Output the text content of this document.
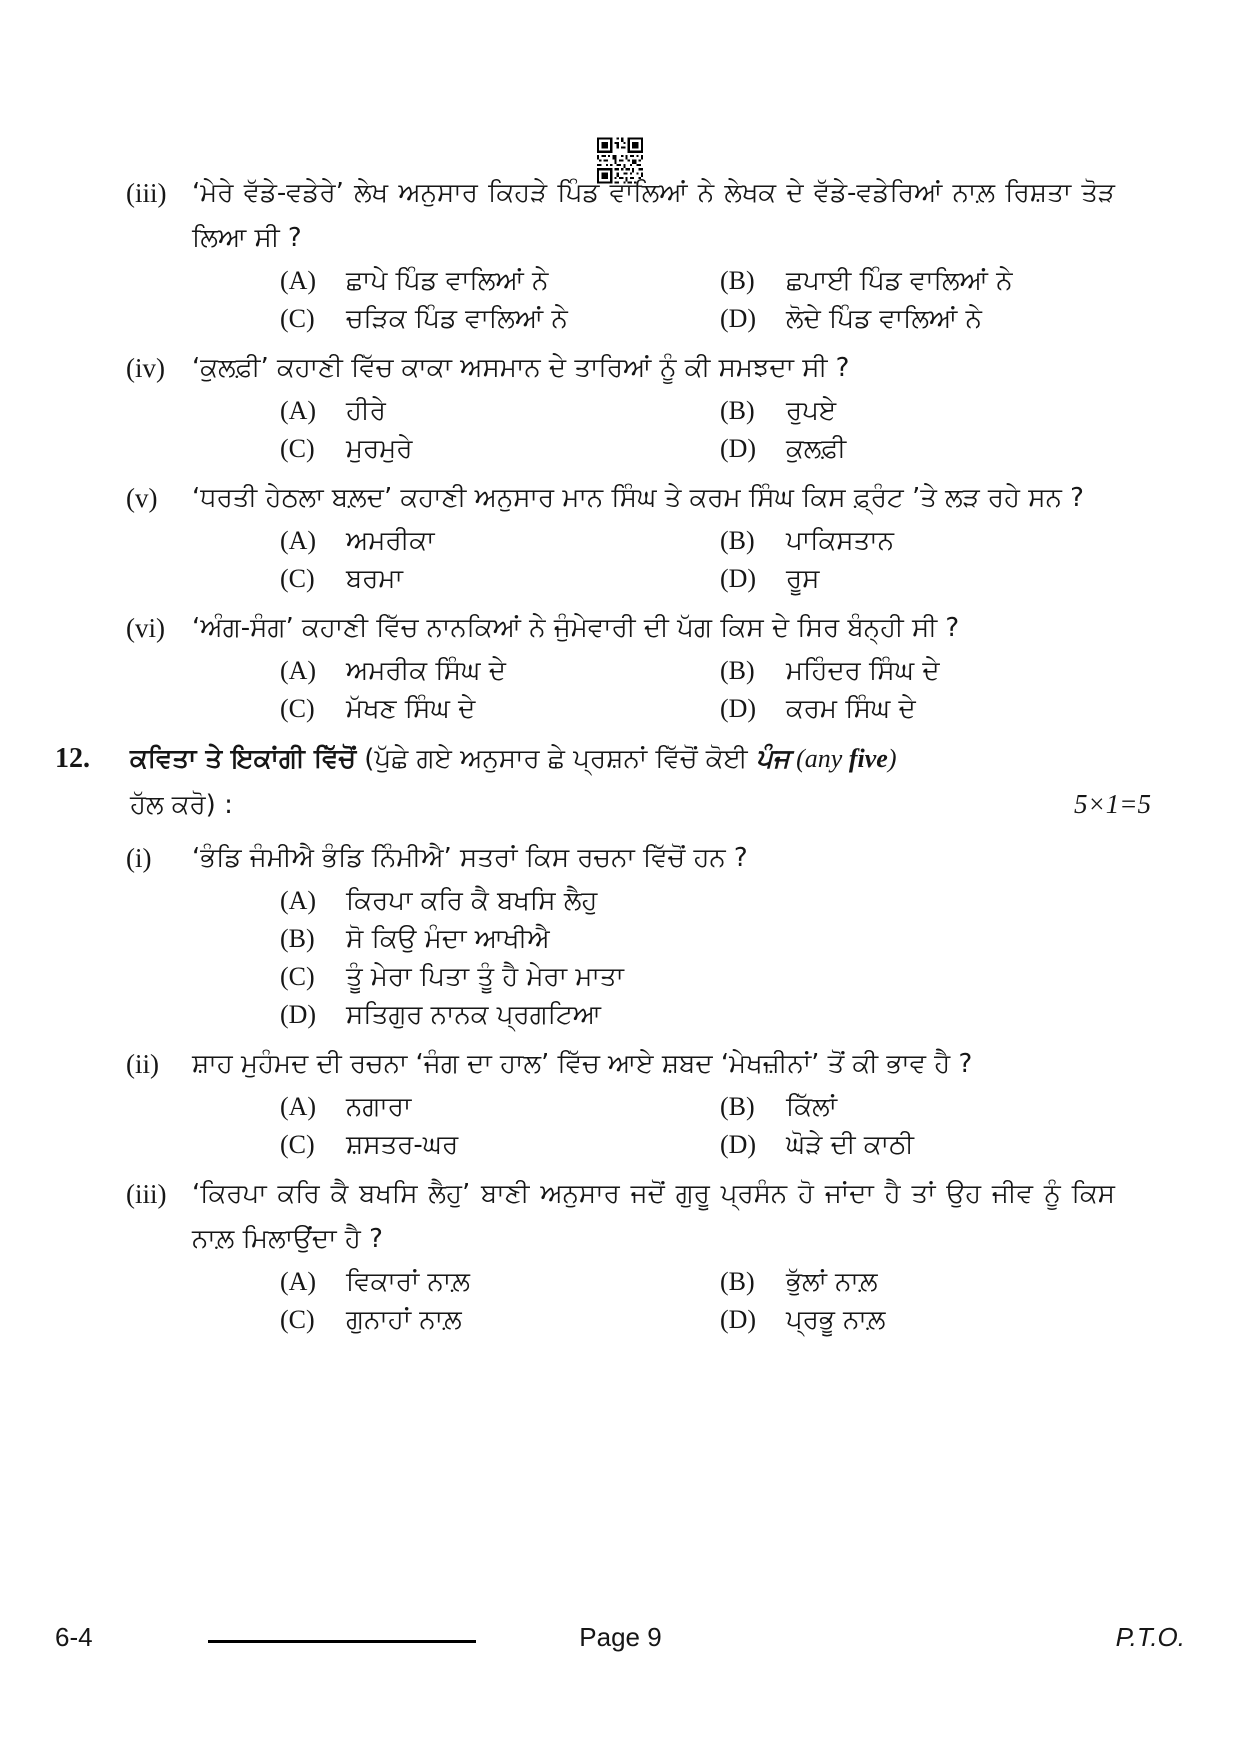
(iii) ‘ਮੇਰੇ ਵੱਡੇ-ਵਡੇਰੇ’ ਲੇਖ ਅਨੁਸਾਰ ਕਿਹੜੇ ਪਿੰਡ ਵਾਲਿਆਂ ਨੇ ਲੇਖਕ ਦੇ ਵੱਡੇ-ਵਡੇਰਿਆਂ ਨਾਲ਼ ਰਿਸ਼ਤਾ ਤੋੜ ਲਿਆ ਸੀ ?
(A)	ਛਾਪੇ ਪਿੰਡ ਵਾਲਿਆਂ ਨੇ	(B)	ਛਪਾਈ ਪਿੰਡ ਵਾਲਿਆਂ ਨੇ
(C)	ਚੜਿਕ ਪਿੰਡ ਵਾਲਿਆਂ ਨੇ	(D)	ਲੋਦੇ ਪਿੰਡ ਵਾਲਿਆਂ ਨੇ
(iv)	‘ਕੁਲਫ਼ੀ’ ਕਹਾਣੀ ਵਿੱਚ ਕਾਕਾ ਅਸਮਾਨ ਦੇ ਤਾਰਿਆਂ ਨੂੰ ਕੀ ਸਮਝਦਾ ਸੀ ?
(A)	ਹੀਰੇ	(B)	ਰੁਪਏ
(C)	ਮੁਰਮੁਰੇ	(D)	ਕੁਲਫ਼ੀ
(v)	‘ਧਰਤੀ ਹੇਠਲਾ ਬਲ਼ਦ’ ਕਹਾਣੀ ਅਨੁਸਾਰ ਮਾਨ ਸਿੰਘ ਤੇ ਕਰਮ ਸਿੰਘ ਕਿਸ ਫ਼੍ਰੰਟ ’ਤੇ ਲੜ ਰਹੇ ਸਨ ?
(A)	ਅਮਰੀਕਾ	(B)	ਪਾਕਿਸਤਾਨ
(C)	ਬਰਮਾ	(D)	ਰੂਸ
(vi)	‘ਅੰਗ-ਸੰਗ’ ਕਹਾਣੀ ਵਿੱਚ ਨਾਨਕਿਆਂ ਨੇ ਜੁੰਮੇਵਾਰੀ ਦੀ ਪੱਗ ਕਿਸ ਦੇ ਸਿਰ ਬੰਨ੍ਹੀ ਸੀ ?
(A)	ਅਮਰੀਕ ਸਿੰਘ ਦੇ	(B)	ਮਹਿੰਦਰ ਸਿੰਘ ਦੇ
(C)	ਮੱਖਣ ਸਿੰਘ ਦੇ	(D)	ਕਰਮ ਸਿੰਘ ਦੇ
12.	ਕਵਿਤਾ ਤੇ ਇਕਾਂਗੀ ਵਿੱਚੋਂ (ਪੁੱਛੇ ਗਏ ਅਨੁਸਾਰ ਛੇ ਪ੍ਰਸ਼ਨਾਂ ਵਿੱਚੋਂ ਕੋਈ ਪੰਜ (any five)
ਹੱਲ ਕਰੋ) :	5×1=5
(i)	‘ਭੰਡਿ ਜੰਮੀਐ ਭੰਡਿ ਨਿੰਮੀਐ’ ਸਤਰਾਂ ਕਿਸ ਰਚਨਾ ਵਿੱਚੋਂ ਹਨ ?
(A)	ਕਿਰਪਾ ਕਰਿ ਕੈ ਬਖਸਿ ਲੈਹੁ
(B)	ਸੋ ਕਿਉ ਮੰਦਾ ਆਖੀਐ
(C)	ਤੂੰ ਮੇਰਾ ਪਿਤਾ ਤੂੰ ਹੈ ਮੇਰਾ ਮਾਤਾ
(D)	ਸਤਿਗੁਰ ਨਾਨਕ ਪ੍ਰਗਟਿਆ
(ii)	ਸ਼ਾਹ ਮੁਹੰਮਦ ਦੀ ਰਚਨਾ ‘ਜੰਗ ਦਾ ਹਾਲ’ ਵਿੱਚ ਆਏ ਸ਼ਬਦ ‘ਮੇਖਜ਼ੀਨਾਂ’ ਤੋਂ ਕੀ ਭਾਵ ਹੈ ?
(A)	ਨਗਾਰਾ	(B)	ਕਿੱਲਾਂ
(C)	ਸ਼ਸਤਰ-ਘਰ	(D)	ਘੋੜੇ ਦੀ ਕਾਠੀ
(iii) ‘ਕਿਰਪਾ ਕਰਿ ਕੈ ਬਖਸਿ ਲੈਹੁ’ ਬਾਣੀ ਅਨੁਸਾਰ ਜਦੋਂ ਗੁਰੂ ਪ੍ਰਸੰਨ ਹੋ ਜਾਂਦਾ ਹੈ ਤਾਂ ਉਹ ਜੀਵ ਨੂੰ ਕਿਸ ਨਾਲ਼ ਮਿਲਾਉਂਦਾ ਹੈ ?
(A)	ਵਿਕਾਰਾਂ ਨਾਲ਼	(B)	ਭੁੱਲਾਂ ਨਾਲ਼
(C)	ਗੁਨਾਹਾਂ ਨਾਲ਼	(D)	ਪ੍ਰਭੂ ਨਾਲ਼
6-4	Page 9	P.T.O.
